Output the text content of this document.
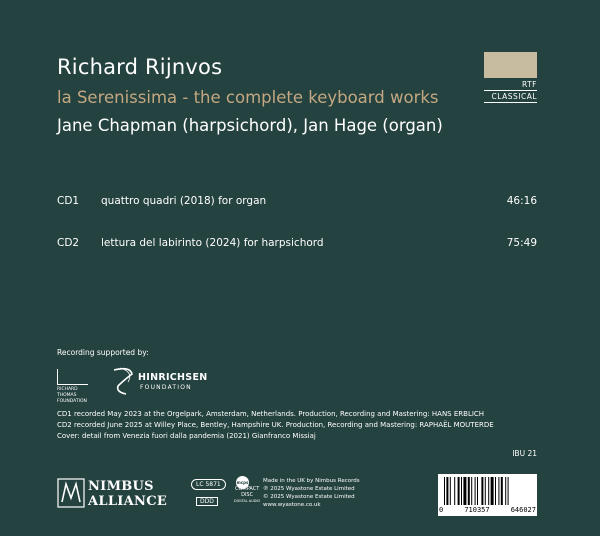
Richard Rijnvos
la Serenissima - the complete keyboard works
Jane Chapman (harpsichord), Jan Hage (organ)
RTF
CLASSICAL
CD1 quattro quadri (2018) for organ	46:16
CD2 lettura del labirinto (2024) for harpsichord	75:49
Recording supported by:
RICHARD
THOMAS
FOUNDATION
HINRICHSEN
FOUNDATION
CD1 recorded May 2023 at the Orgelpark, Amsterdam, Netherlands. Production, Recording and Mastering: HANS ERBLICH
CD2 recorded June 2025 at Willey Place, Bentley, Hampshire UK. Production, Recording and Mastering: RAPHAËL MOUTERDE
Cover: detail from Venezia fuori dalla pandemia (2021) Gianfranco Missiaj
IBU 21
NIMBUS
ALLIANCE
LC 5871
DDD
mcps
COMPACT
DISC
DIGITAL AUDIO
Made in the UK by Nimbus Records
℗ 2025 Wyastone Estate Limited
© 2025 Wyastone Estate Limited
www.wyastone.co.uk
0	710357	646027
